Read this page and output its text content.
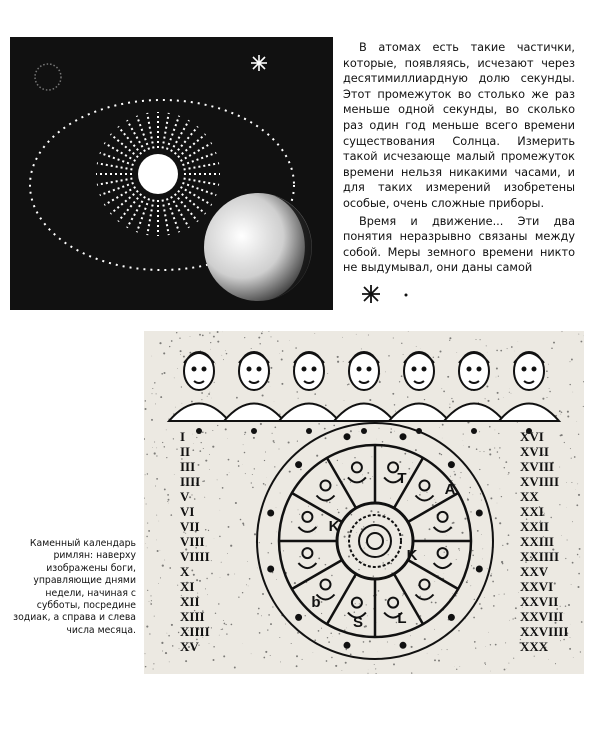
В атомах есть такие частички, которые, появляясь, исчезают через десятимиллиардную долю секунды. Этот промежуток во столько же раз меньше одной секунды, во сколько раз один год меньше всего времени существования Солнца. Измерить такой исчезающе малый промежуток времени нельзя никакими часами, и для таких измерений изобретены особые, очень сложные приборы.

Время и движение... Эти два понятия неразрывно связаны между собой. Меры земного времени никто не выдумывал, они даны самой

T
A
K
K
L
S
b
I
II
III
IIII
V
VI
VII
VIII
VIIII
X
XI
XII
XIII
XIIII
XV
XVI
XVII
XVIII
XVIIII
XX
XXI
XXII
XXIII
XXIIII
XXV
XXVI
XXVII
XXVIII
XXVIIII
XXX
Каменный календарь римлян: наверху изображены боги, управляющие днями недели, начиная с субботы, посредине зодиак, а справа и слева числа месяца.
